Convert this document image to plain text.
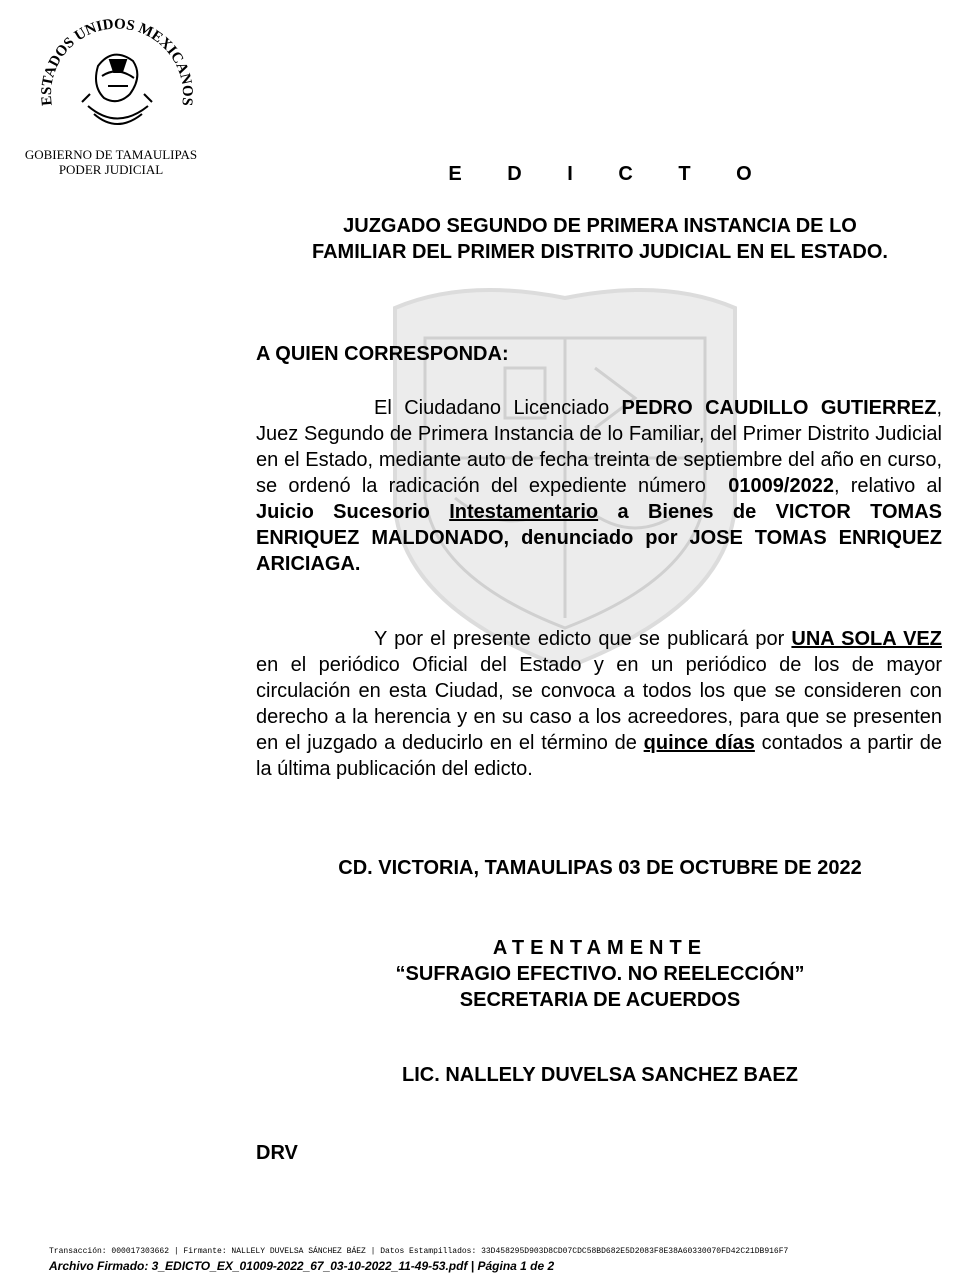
ESTADOS UNIDOS MEXICANOS
GOBIERNO DE TAMAULIPAS
PODER JUDICIAL	E D I C T O
JUZGADO SEGUNDO DE PRIMERA INSTANCIA DE LO
FAMILIAR DEL PRIMER DISTRITO JUDICIAL EN EL ESTADO.
A QUIEN CORRESPONDA:

El Ciudadano Licenciado PEDRO CAUDILLO GUTIERREZ, Juez Segundo de Primera Instancia de lo Familiar, del Primer Distrito Judicial en el Estado, mediante auto de fecha treinta de septiembre del año en curso, se ordenó la radicación del expediente número  01009/2022, relativo al Juicio Sucesorio Intestamentario a Bienes de VICTOR TOMAS ENRIQUEZ MALDONADO, denunciado por JOSE TOMAS ENRIQUEZ ARICIAGA.

Y por el presente edicto que se publicará por UNA SOLA VEZ en el periódico Oficial del Estado y en un periódico de los de mayor circulación en esta Ciudad, se convoca a todos los que se consideren con derecho a la herencia y en su caso a los acreedores, para que se presenten en el juzgado a deducirlo en el término de quince días contados a partir de la última publicación del edicto.

CD. VICTORIA, TAMAULIPAS 03 DE OCTUBRE DE 2022
ATENTAMENTE
“SUFRAGIO EFECTIVO. NO REELECCIÓN”
SECRETARIA DE ACUERDOS
LIC. NALLELY DUVELSA SANCHEZ BAEZ
DRV
Transacción: 000017303662 | Firmante: NALLELY DUVELSA SÁNCHEZ BÁEZ | Datos Estampillados: 33D458295D903D8CD07CDC58BD682E5D2083F8E38A60330070FD42C21DB916F7
Archivo Firmado: 3_EDICTO_EX_01009-2022_67_03-10-2022_11-49-53.pdf | Página 1 de 2
